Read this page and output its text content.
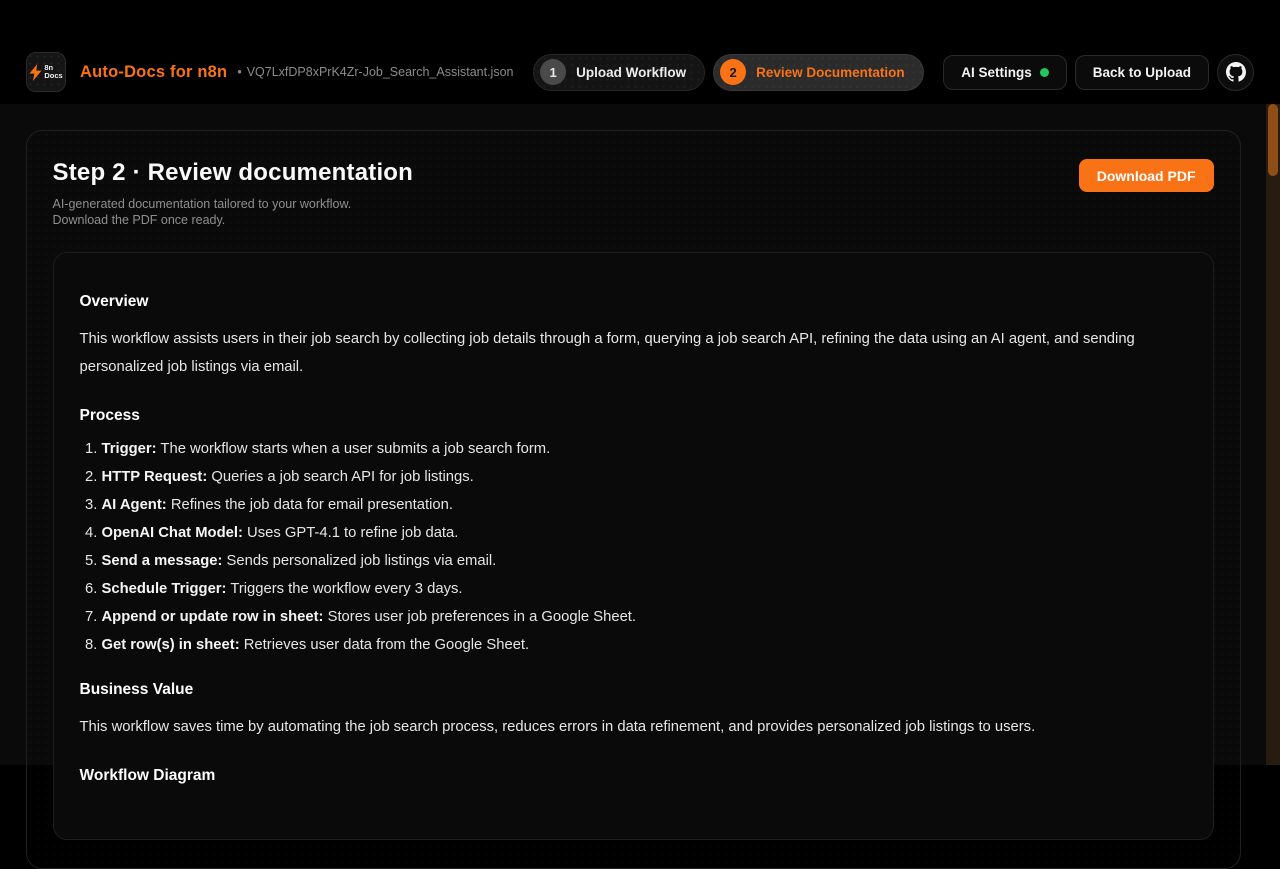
8n
Docs Auto-Docs for n8n • VQ7LxfDP8xPrK4Zr-Job_Search_Assistant.json	1	Upload Workflow	2	Review Documentation	AI Settings	Back to Upload
Step 2 · Review documentation
AI-generated documentation tailored to your workflow.
Download the PDF once ready.
Download PDF
Overview

This workflow assists users in their job search by collecting job details through a form, querying a job search API, refining the data using an AI agent, and sending personalized job listings via email.

Process
1. Trigger: The workflow starts when a user submits a job search form.
2. HTTP Request: Queries a job search API for job listings.
3. AI Agent: Refines the job data for email presentation.
4. OpenAI Chat Model: Uses GPT-4.1 to refine job data.
5. Send a message: Sends personalized job listings via email.
6. Schedule Trigger: Triggers the workflow every 3 days.
7. Append or update row in sheet: Stores user job preferences in a Google Sheet.
8. Get row(s) in sheet: Retrieves user data from the Google Sheet.
Business Value

This workflow saves time by automating the job search process, reduces errors in data refinement, and provides personalized job listings to users.

Workflow Diagram
